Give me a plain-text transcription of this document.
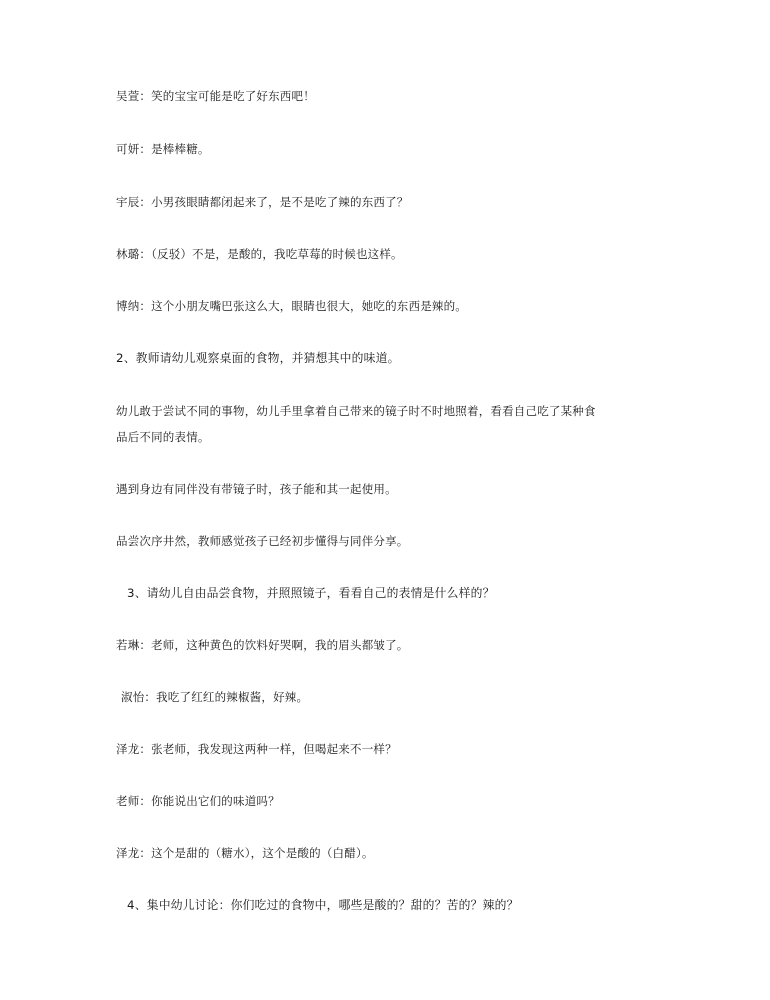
吴萱：笑的宝宝可能是吃了好东西吧！
可妍：是棒棒糖。
宇辰：小男孩眼睛都闭起来了，是不是吃了辣的东西了？
林璐：（反驳）不是，是酸的，我吃草莓的时候也这样。
博纳：这个小朋友嘴巴张这么大，眼睛也很大，她吃的东西是辣的。
2、教师请幼儿观察桌面的食物，并猜想其中的味道。
幼儿敢于尝试不同的事物，幼儿手里拿着自己带来的镜子时不时地照着，看看自己吃了某种食
品后不同的表情。
遇到身边有同伴没有带镜子时，孩子能和其一起使用。
品尝次序井然，教师感觉孩子已经初步懂得与同伴分享。
3、请幼儿自由品尝食物，并照照镜子，看看自己的表情是什么样的？
若琳：老师，这种黄色的饮料好哭啊，我的眉头都皱了。
淑怡：我吃了红红的辣椒酱，好辣。
泽龙：张老师，我发现这两种一样，但喝起来不一样？
老师：你能说出它们的味道吗？
泽龙：这个是甜的（糖水），这个是酸的（白醋）。
4、集中幼儿讨论：你们吃过的食物中，哪些是酸的？甜的？苦的？辣的？
